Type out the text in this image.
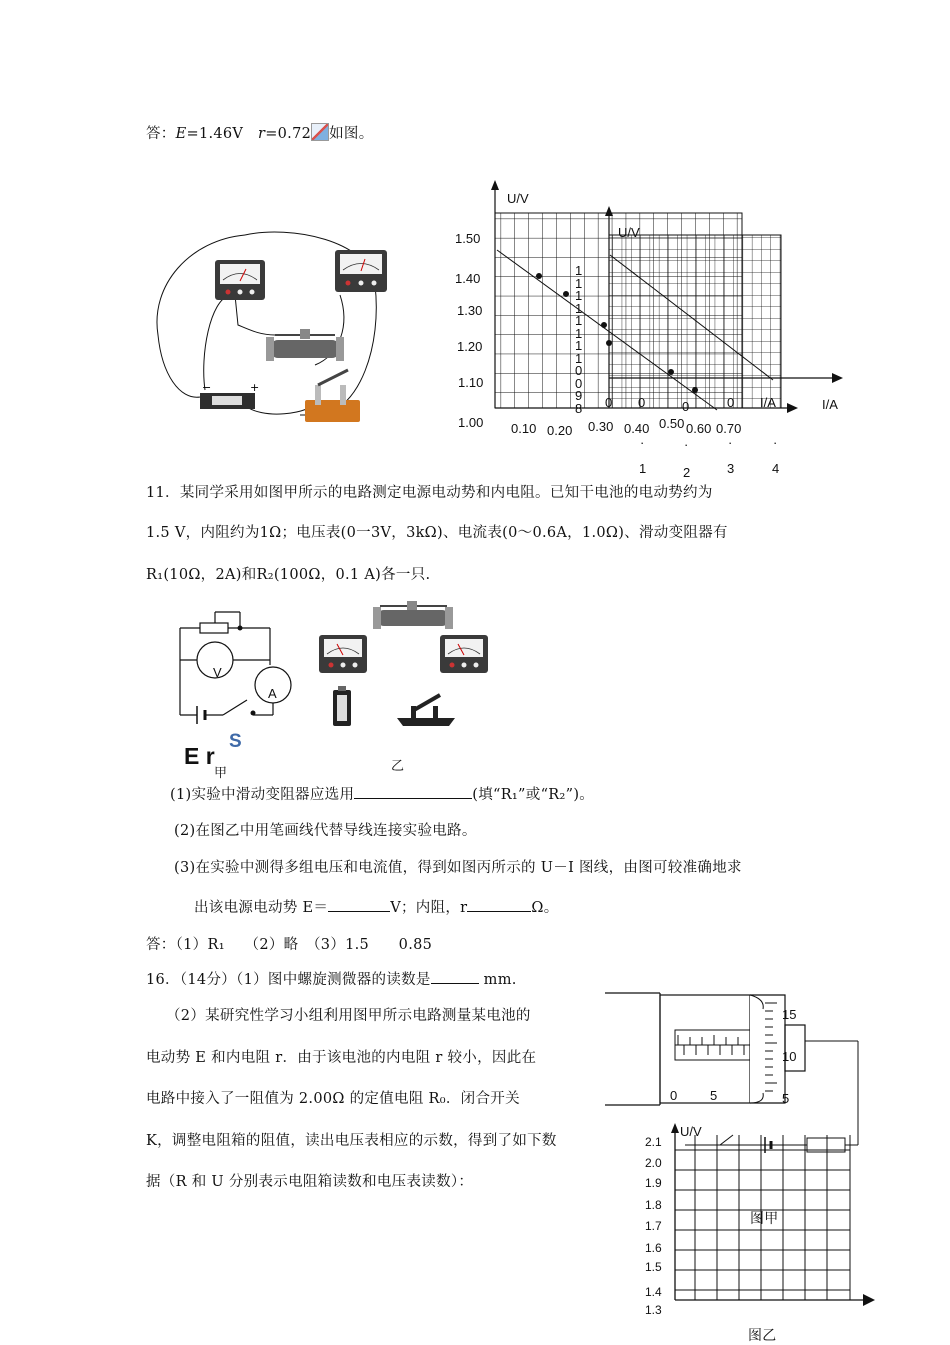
答：E=1.46V r=0.72 如图。
−	+
U/V
U/V
1.50
1.40
1.30
1.20
1.10
1.00 0.10 0.20 0.30 0.40 0.50 0.60 0.70
I/A	I/A
0 0	0	0
1	2	3	4
·	·	·	·
1
1
1
1
1
1
1
1
0
0
9
8
11．某同学采用如图甲所示的电路测定电源电动势和内电阻。已知干电池的电动势约为
1.5 V，内阻约为1Ω；电压表(0一3V，3kΩ)、电流表(0～0.6A，1.0Ω)、滑动变阻器有
R₁(10Ω，2A)和R₂(100Ω，0.1 A)各一只.
V
A
E r
S
甲	乙
(1)实验中滑动变阻器应选用	(填“R₁”或“R₂”)。
(2)在图乙中用笔画线代替导线连接实验电路。
(3)在实验中测得多组电压和电流值，得到如图丙所示的 U－I 图线，由图可较准确地求
出该电源电动势 E＝	V；内阻，r	Ω。
答：（1）R₁　 （2）略　（3）1.5　　0.85
16．（14分）（1）图中螺旋测微器的读数是	mm.
（2）某研究性学习小组利用图甲所示电路测量某电池的
电动势 E 和内电阻 r．由于该电池的内电阻 r 较小，因此在
电路中接入了一阻值为 2.00Ω 的定值电阻 R₀．闭合开关
K，调整电阻箱的阻值，读出电压表相应的示数，得到了如下数
据（R 和 U 分别表示电阻箱读数和电压表读数）：
0	5
15
10
5
U/V
2.1
2.0
1.9
1.8
1.7
1.6
1.5
1.4
1.3
图甲
图乙
